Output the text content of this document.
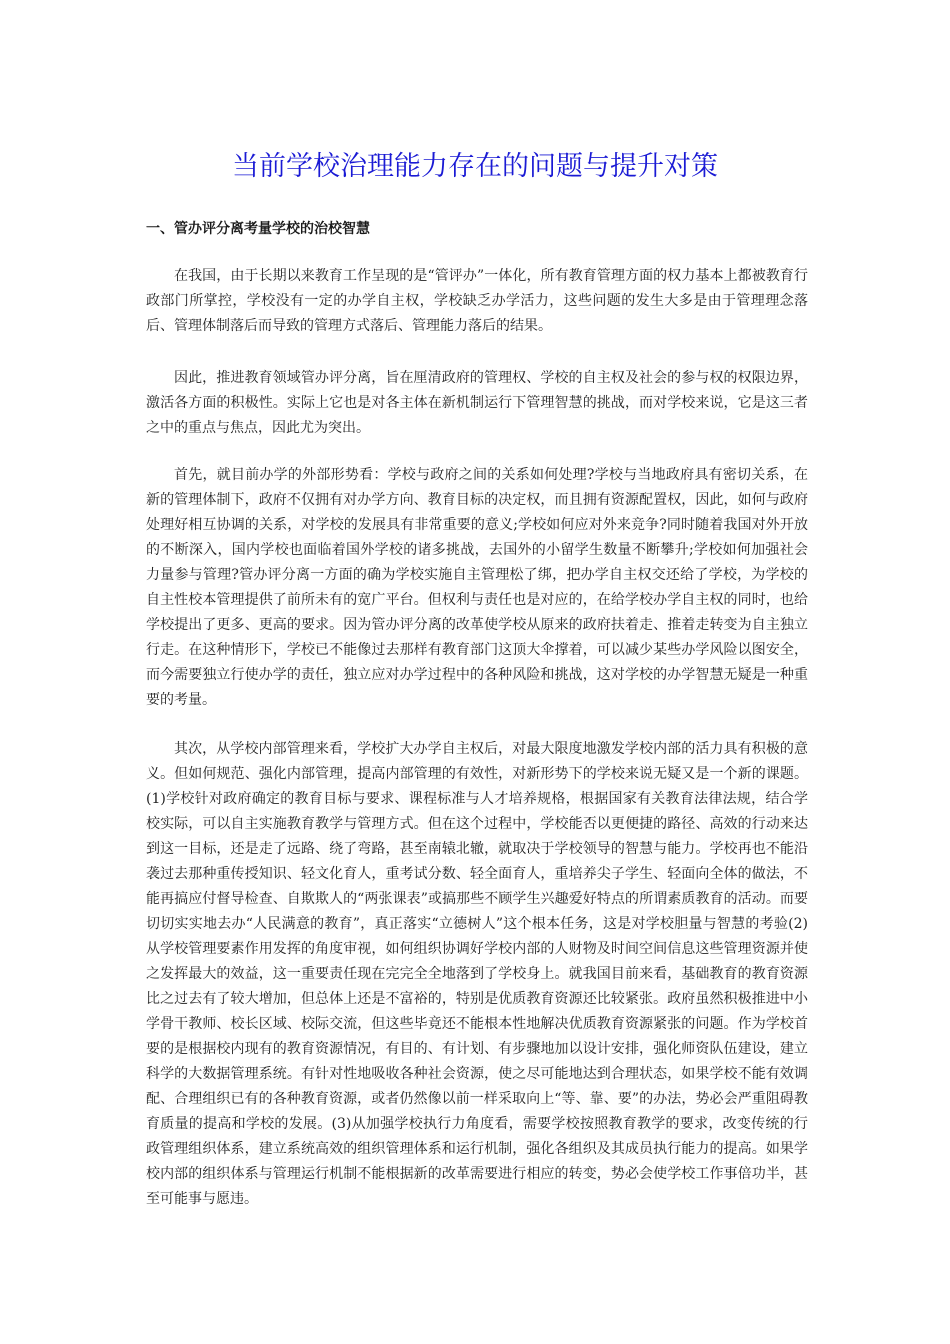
当前学校治理能力存在的问题与提升对策
一、管办评分离考量学校的治校智慧

在我国，由于长期以来教育工作呈现的是“管评办”一体化，所有教育管理方面的权力基本上都被教育行政部门所掌控，学校没有一定的办学自主权，学校缺乏办学活力，这些问题的发生大多是由于管理理念落后、管理体制落后而导致的管理方式落后、管理能力落后的结果。

因此，推进教育领域管办评分离，旨在厘清政府的管理权、学校的自主权及社会的参与权的权限边界，激活各方面的积极性。实际上它也是对各主体在新机制运行下管理智慧的挑战，而对学校来说，它是这三者之中的重点与焦点，因此尤为突出。

首先，就目前办学的外部形势看：学校与政府之间的关系如何处理?学校与当地政府具有密切关系，在新的管理体制下，政府不仅拥有对办学方向、教育目标的决定权，而且拥有资源配置权，因此，如何与政府处理好相互协调的关系，对学校的发展具有非常重要的意义;学校如何应对外来竞争?同时随着我国对外开放的不断深入，国内学校也面临着国外学校的诸多挑战，去国外的小留学生数量不断攀升;学校如何加强社会力量参与管理?管办评分离一方面的确为学校实施自主管理松了绑，把办学自主权交还给了学校，为学校的自主性校本管理提供了前所未有的宽广平台。但权利与责任也是对应的，在给学校办学自主权的同时，也给学校提出了更多、更高的要求。因为管办评分离的改革使学校从原来的政府扶着走、推着走转变为自主独立行走。在这种情形下，学校已不能像过去那样有教育部门这顶大伞撑着，可以减少某些办学风险以图安全，而今需要独立行使办学的责任，独立应对办学过程中的各种风险和挑战，这对学校的办学智慧无疑是一种重要的考量。

其次，从学校内部管理来看，学校扩大办学自主权后，对最大限度地激发学校内部的活力具有积极的意义。但如何规范、强化内部管理，提高内部管理的有效性，对新形势下的学校来说无疑又是一个新的课题。(1)学校针对政府确定的教育目标与要求、课程标准与人才培养规格，根据国家有关教育法律法规，结合学校实际，可以自主实施教育教学与管理方式。但在这个过程中，学校能否以更便捷的路径、高效的行动来达到这一目标，还是走了远路、绕了弯路，甚至南辕北辙，就取决于学校领导的智慧与能力。学校再也不能沿袭过去那种重传授知识、轻文化育人，重考试分数、轻全面育人，重培养尖子学生、轻面向全体的做法，不能再搞应付督导检查、自欺欺人的“两张课表”或搞那些不顾学生兴趣爱好特点的所谓素质教育的活动。而要切切实实地去办“人民满意的教育”，真正落实“立德树人”这个根本任务，这是对学校胆量与智慧的考验(2)从学校管理要素作用发挥的角度审视，如何组织协调好学校内部的人财物及时间空间信息这些管理资源并使之发挥最大的效益，这一重要责任现在完完全全地落到了学校身上。就我国目前来看，基础教育的教育资源比之过去有了较大增加，但总体上还是不富裕的，特别是优质教育资源还比较紧张。政府虽然积极推进中小学骨干教师、校长区域、校际交流，但这些毕竟还不能根本性地解决优质教育资源紧张的问题。作为学校首要的是根据校内现有的教育资源情况，有目的、有计划、有步骤地加以设计安排，强化师资队伍建设，建立科学的大数据管理系统。有针对性地吸收各种社会资源，使之尽可能地达到合理状态，如果学校不能有效调配、合理组织已有的各种教育资源，或者仍然像以前一样采取向上“等、靠、要”的办法，势必会严重阻碍教育质量的提高和学校的发展。(3)从加强学校执行力角度看，需要学校按照教育教学的要求，改变传统的行政管理组织体系，建立系统高效的组织管理体系和运行机制，强化各组织及其成员执行能力的提高。如果学校内部的组织体系与管理运行机制不能根据新的改革需要进行相应的转变，势必会使学校工作事倍功半，甚至可能事与愿违。
